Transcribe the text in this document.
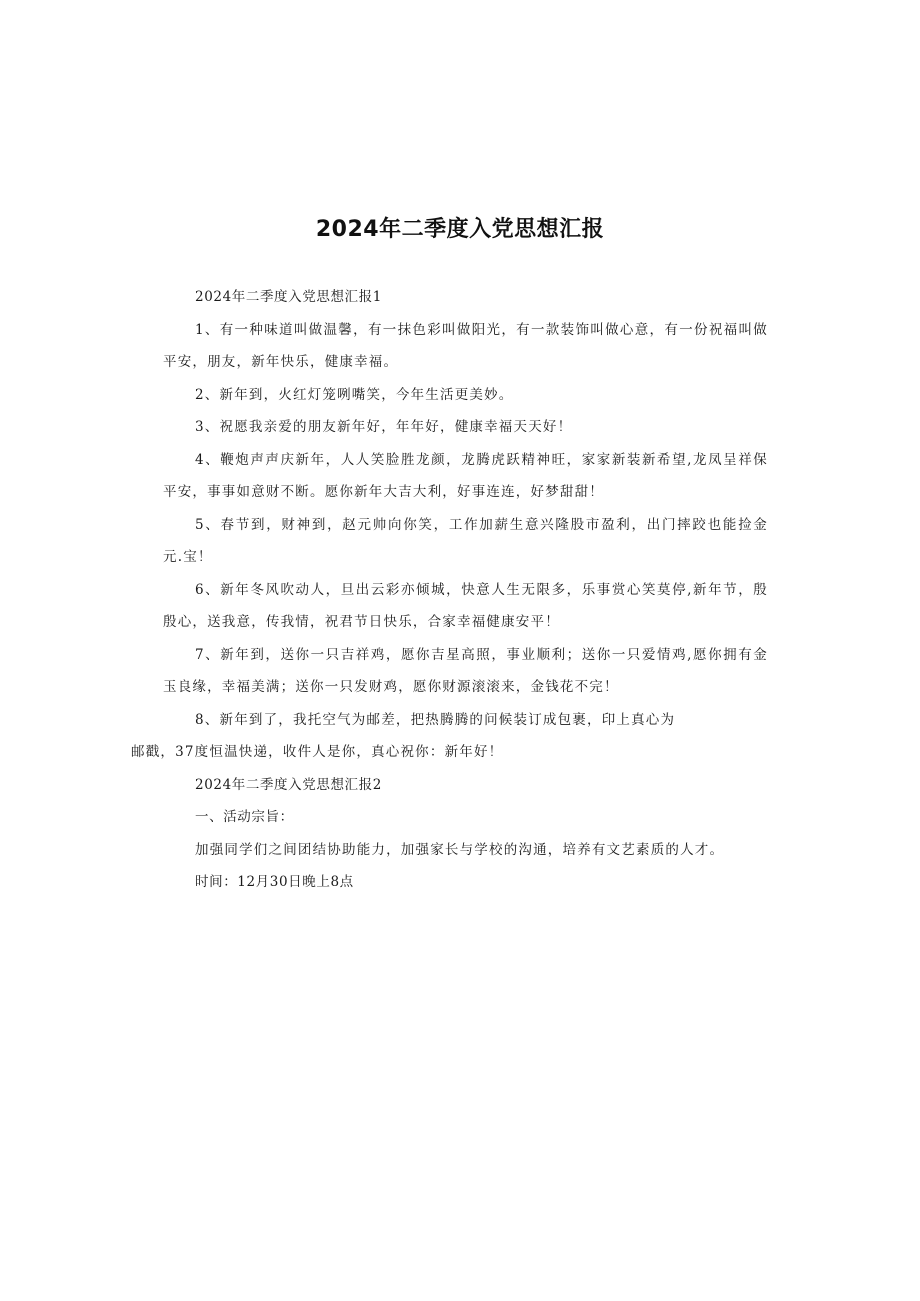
2024年二季度入党思想汇报

2024年二季度入党思想汇报1

1、有一种味道叫做温馨，有一抹色彩叫做阳光，有一款装饰叫做心意，有一份祝福叫做平安，朋友，新年快乐，健康幸福。

2、新年到，火红灯笼咧嘴笑，今年生活更美妙。

3、祝愿我亲爱的朋友新年好，年年好，健康幸福天天好！

4、鞭炮声声庆新年，人人笑脸胜龙颜，龙腾虎跃精神旺，家家新装新希望,龙凤呈祥保平安，事事如意财不断。愿你新年大吉大利，好事连连，好梦甜甜！

5、春节到，财神到，赵元帅向你笑，工作加薪生意兴隆股市盈利，出门摔跤也能捡金元.宝！

6、新年冬风吹动人，旦出云彩亦倾城，快意人生无限多，乐事赏心笑莫停,新年节，殷殷心，送我意，传我情，祝君节日快乐，合家幸福健康安平！

7、新年到，送你一只吉祥鸡，愿你吉星高照，事业顺利；送你一只爱情鸡,愿你拥有金玉良缘，幸福美满；送你一只发财鸡，愿你财源滚滚来，金钱花不完！

8、新年到了，我托空气为邮差，把热腾腾的问候装订成包裹，印上真心为
邮戳，37度恒温快递，收件人是你，真心祝你：新年好！

2024年二季度入党思想汇报2

一、活动宗旨：

加强同学们之间团结协助能力，加强家长与学校的沟通，培养有文艺素质的人才。

时间：12月30日晚上8点
